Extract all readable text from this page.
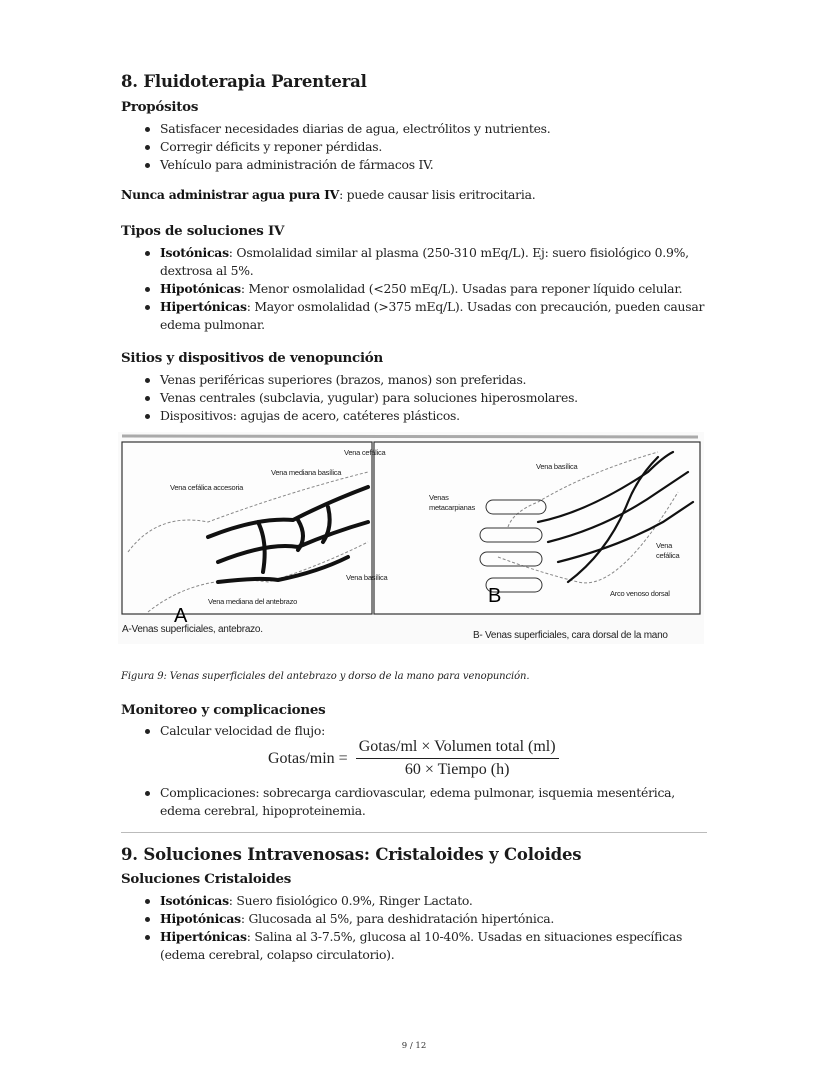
8. Fluidoterapia Parenteral
Propósitos
Satisfacer necesidades diarias de agua, electrólitos y nutrientes.
Corregir déficits y reponer pérdidas.
Vehículo para administración de fármacos IV.

Nunca administrar agua pura IV: puede causar lisis eritrocitaria.

Tipos de soluciones IV
Isotónicas: Osmolalidad similar al plasma (250-310 mEq/L). Ej: suero fisiológico 0.9%, dextrosa al 5%.
Hipotónicas: Menor osmolalidad (<250 mEq/L). Usadas para reponer líquido celular.
Hipertónicas: Mayor osmolalidad (>375 mEq/L). Usadas con precaución, pueden causar edema pulmonar.
Sitios y dispositivos de venopunción
Venas periféricas superiores (brazos, manos) son preferidas.
Venas centrales (subclavia, yugular) para soluciones hiperosmolares.
Dispositivos: agujas de acero, catéteres plásticos.
Vena cefálica
Vena mediana basílica
Vena cefálica accesoria
Vena basílica
Vena mediana del antebrazo
A
Vena basílica
Venas
metacarpianas
Vena
cefálica
Arco venoso dorsal
B
A-Venas superficiales, antebrazo.
B- Venas superficiales, cara dorsal de la mano
Figura 9: Venas superficiales del antebrazo y dorso de la mano para venopunción.
Monitoreo y complicaciones
Calcular velocidad de flujo:
Gotas/min = $\frac{\text{Gotas/ml × Volumen total (ml)}}{\text{60 × Tiempo (h)}}$
Complicaciones: sobrecarga cardiovascular, edema pulmonar, isquemia mesentérica, edema cerebral, hipoproteinemia.
9. Soluciones Intravenosas: Cristaloides y Coloides
Soluciones Cristaloides
Isotónicas: Suero fisiológico 0.9%, Ringer Lactato.
Hipotónicas: Glucosada al 5%, para deshidratación hipertónica.
Hipertónicas: Salina al 3-7.5%, glucosa al 10-40%. Usadas en situaciones específicas (edema cerebral, colapso circulatorio).
9 / 12
